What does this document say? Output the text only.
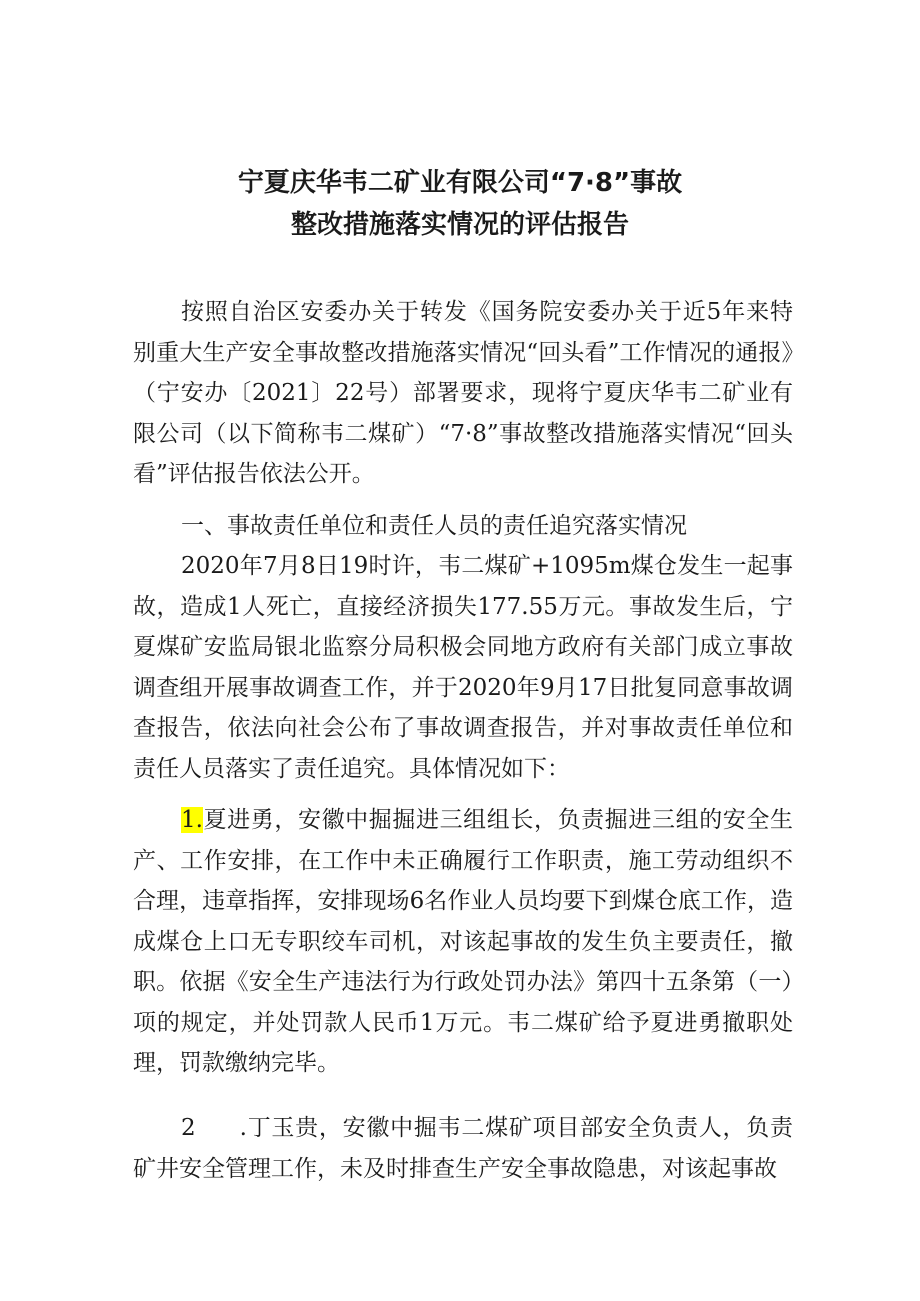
宁夏庆华韦二矿业有限公司“7·8”事故
整改措施落实情况的评估报告

按照自治区安委办关于转发《国务院安委办关于近5年来特别重大生产安全事故整改措施落实情况“回头看”工作情况的通报》（宁安办〔2021〕22号）部署要求，现将宁夏庆华韦二矿业有限公司（以下简称韦二煤矿）“7·8”事故整改措施落实情况“回头看”评估报告依法公开。

一、事故责任单位和责任人员的责任追究落实情况

2020年7月8日19时许，韦二煤矿+1095m煤仓发生一起事故，造成1人死亡，直接经济损失177.55万元。事故发生后，宁夏煤矿安监局银北监察分局积极会同地方政府有关部门成立事故调查组开展事故调查工作，并于2020年9月17日批复同意事故调查报告，依法向社会公布了事故调查报告，并对事故责任单位和责任人员落实了责任追究。具体情况如下：

1.夏进勇，安徽中掘掘进三组组长，负责掘进三组的安全生产、工作安排，在工作中未正确履行工作职责，施工劳动组织不合理，违章指挥，安排现场6名作业人员均要下到煤仓底工作，造成煤仓上口无专职绞车司机，对该起事故的发生负主要责任，撤职。依据《安全生产违法行为行政处罚办法》第四十五条第（一）项的规定，并处罚款人民币1万元。韦二煤矿给予夏进勇撤职处理，罚款缴纳完毕。

2 .丁玉贵，安徽中掘韦二煤矿项目部安全负责人，负责矿井安全管理工作，未及时排查生产安全事故隐患，对该起事故
